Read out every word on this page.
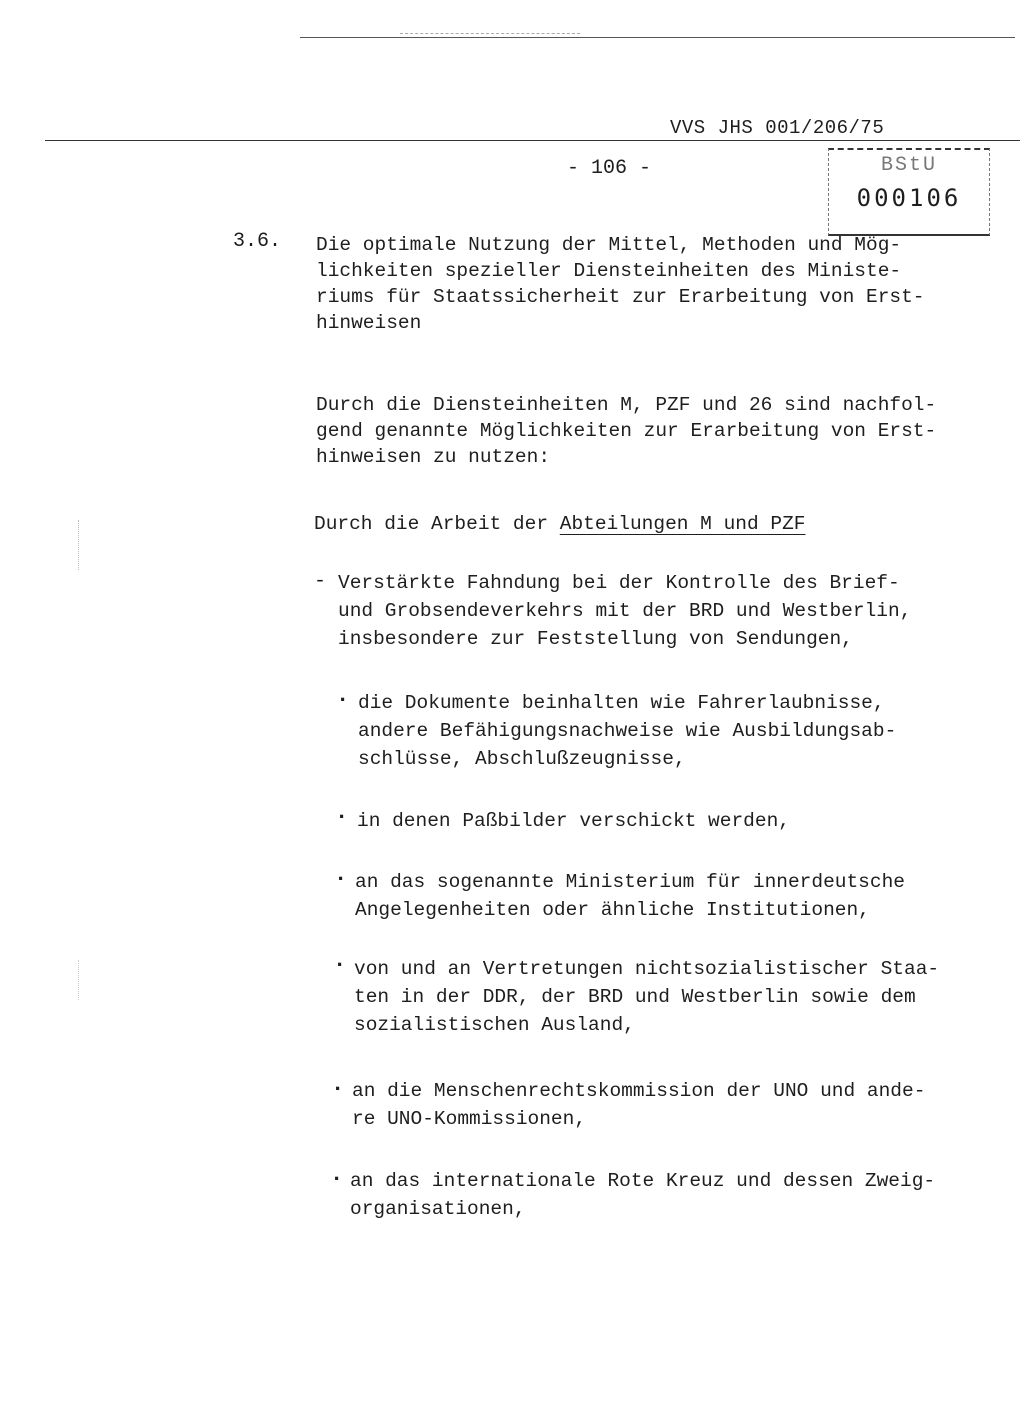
VVS JHS 001/206/75
- 106 -	BStU
000106
3.6. Die optimale Nutzung der Mittel, Methoden und Mög-
lichkeiten spezieller Diensteinheiten des Ministe-
riums für Staatssicherheit zur Erarbeitung von Erst-
hinweisen
Durch die Diensteinheiten M, PZF und 26 sind nachfol-
gend genannte Möglichkeiten zur Erarbeitung von Erst-
hinweisen zu nutzen:
Durch die Arbeit der Abteilungen M und PZF
- Verstärkte Fahndung bei der Kontrolle des Brief-
und Grobsendeverkehrs mit der BRD und Westberlin,
insbesondere zur Feststellung von Sendungen,
. die Dokumente beinhalten wie Fahrerlaubnisse,
andere Befähigungsnachweise wie Ausbildungsab-
schlüsse, Abschlußzeugnisse,
. in denen Paßbilder verschickt werden,
. an das sogenannte Ministerium für innerdeutsche
Angelegenheiten oder ähnliche Institutionen,
. von und an Vertretungen nichtsozialistischer Staa-
ten in der DDR, der BRD und Westberlin sowie dem
sozialistischen Ausland,
. an die Menschenrechtskommission der UNO und ande-
re UNO-Kommissionen,
. an das internationale Rote Kreuz und dessen Zweig-
organisationen,
